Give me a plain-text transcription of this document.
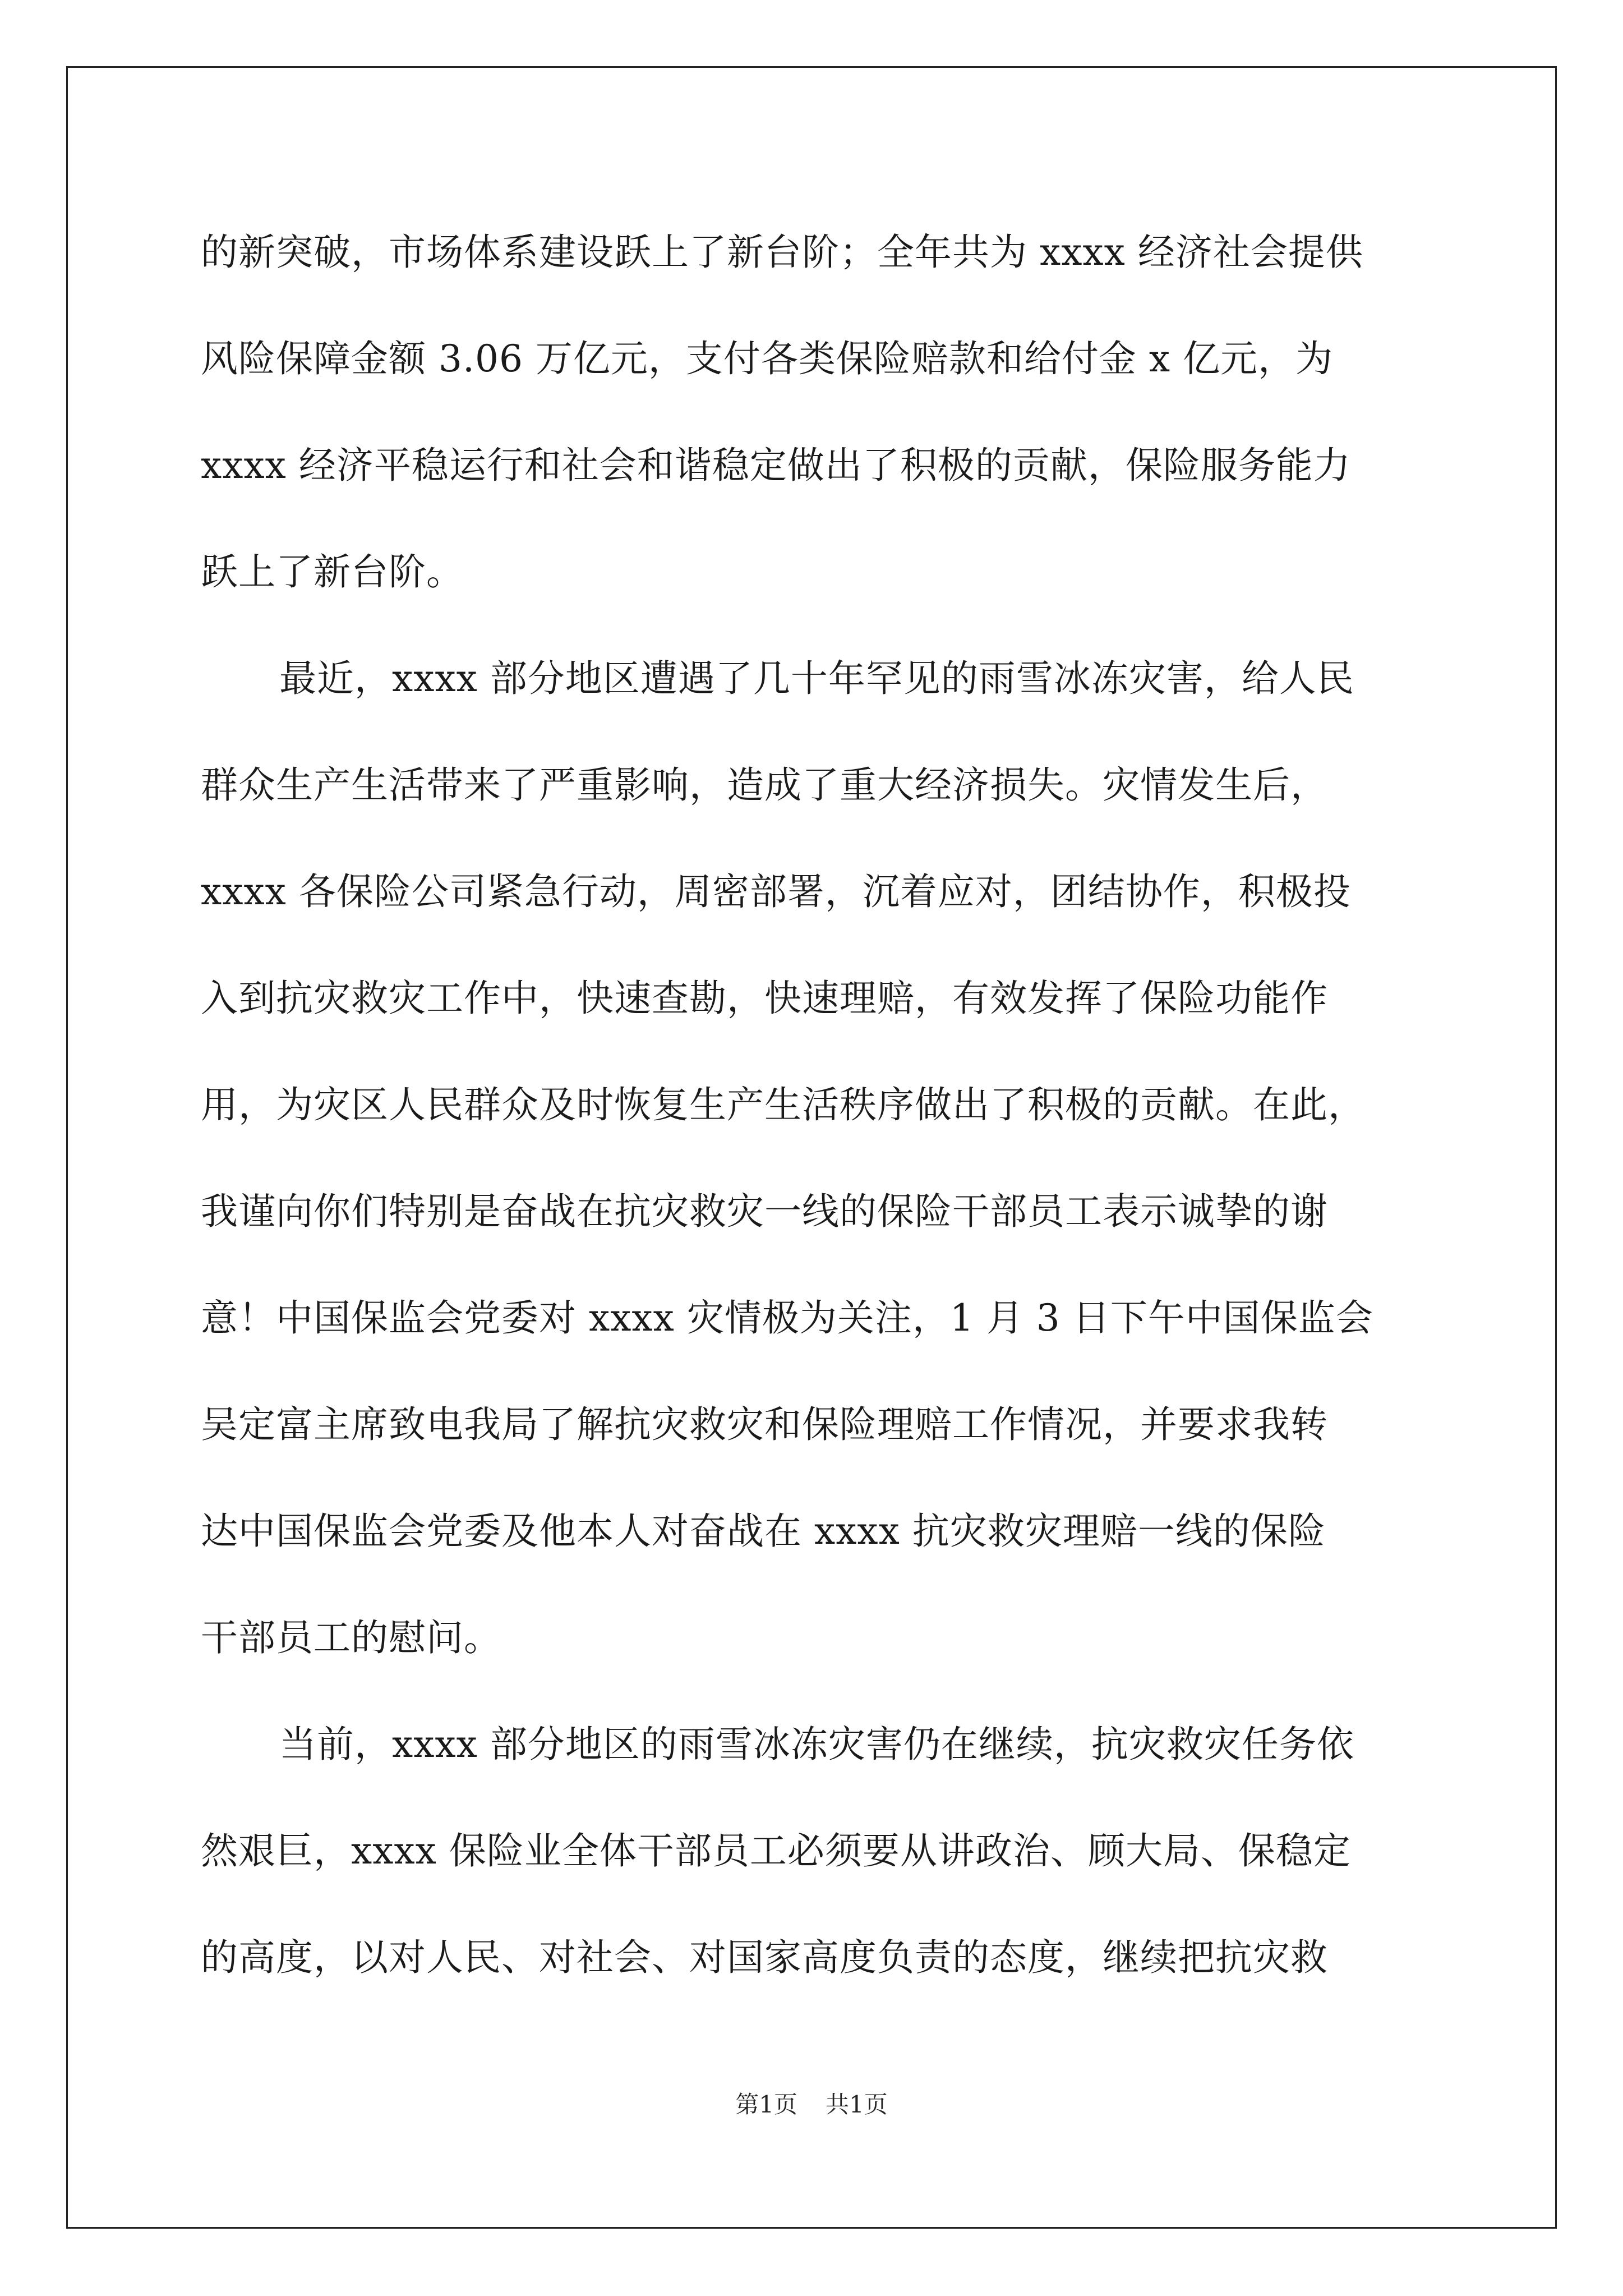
的新突破，市场体系建设跃上了新台阶；全年共为 xxxx 经济社会提供
风险保障金额 3.06 万亿元，支付各类保险赔款和给付金 x 亿元，为
xxxx 经济平稳运行和社会和谐稳定做出了积极的贡献，保险服务能力
跃上了新台阶。
最近，xxxx 部分地区遭遇了几十年罕见的雨雪冰冻灾害，给人民
群众生产生活带来了严重影响，造成了重大经济损失。灾情发生后，
xxxx 各保险公司紧急行动，周密部署，沉着应对，团结协作，积极投
入到抗灾救灾工作中，快速查勘，快速理赔，有效发挥了保险功能作
用，为灾区人民群众及时恢复生产生活秩序做出了积极的贡献。在此，
我谨向你们特别是奋战在抗灾救灾一线的保险干部员工表示诚挚的谢
意！中国保监会党委对 xxxx 灾情极为关注，1 月 3 日下午中国保监会
吴定富主席致电我局了解抗灾救灾和保险理赔工作情况，并要求我转
达中国保监会党委及他本人对奋战在 xxxx 抗灾救灾理赔一线的保险
干部员工的慰问。
当前，xxxx 部分地区的雨雪冰冻灾害仍在继续，抗灾救灾任务依
然艰巨，xxxx 保险业全体干部员工必须要从讲政治、顾大局、保稳定
的高度，以对人民、对社会、对国家高度负责的态度，继续把抗灾救
第1页 共1页
